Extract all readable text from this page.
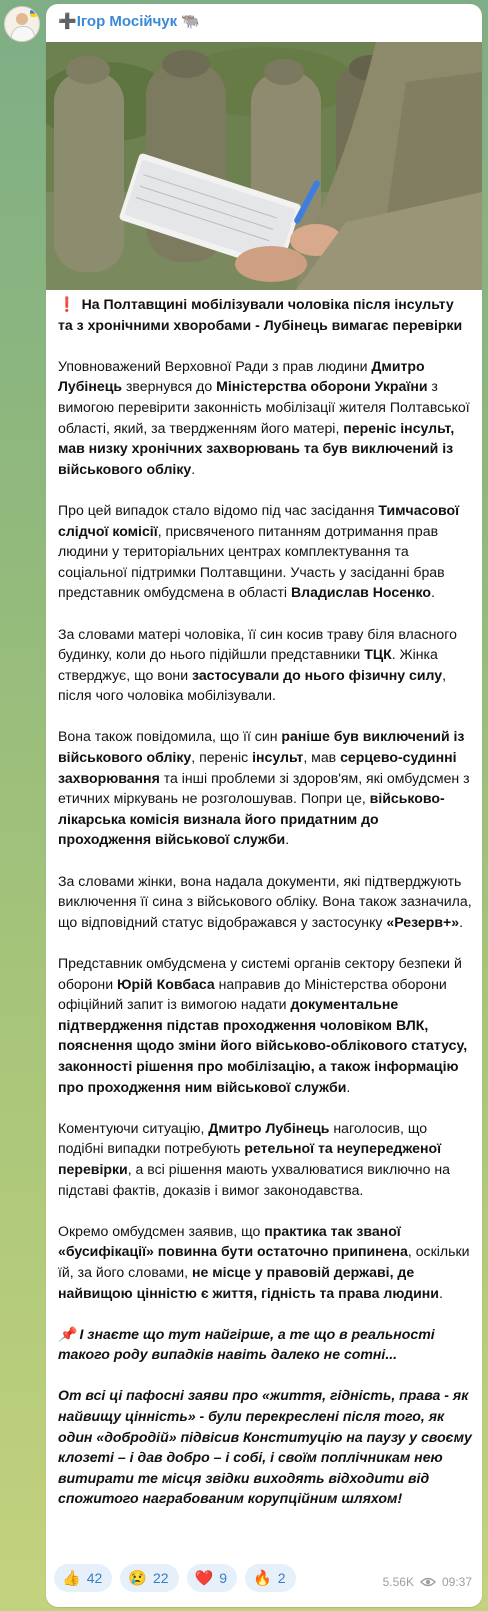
➕Ігор Мосійчук 🐃

❗ На Полтавщині мобілізували чоловіка після інсульту та з хронічними хворобами - Лубінець вимагає перевірки

Уповноважений Верховної Ради з прав людини Дмитро Лубінець звернувся до Міністерства оборони України з вимогою перевірити законність мобілізації жителя Полтавської області, який, за твердженням його матері, переніс інсульт, мав низку хронічних захворювань та був виключений із військового обліку.

Про цей випадок стало відомо під час засідання Тимчасової слідчої комісії, присвяченого питанням дотримання прав людини у територіальних центрах комплектування та соціальної підтримки Полтавщини. Участь у засіданні брав представник омбудсмена в області Владислав Носенко.

За словами матері чоловіка, її син косив траву біля власного будинку, коли до нього підійшли представники ТЦК. Жінка стверджує, що вони застосували до нього фізичну силу, після чого чоловіка мобілізували.

Вона також повідомила, що її син раніше був виключений із військового обліку, переніс інсульт, мав серцево-судинні захворювання та інші проблеми зі здоров'ям, які омбудсмен з етичних міркувань не розголошував. Попри це, військово-лікарська комісія визнала його придатним до проходження військової служби.

За словами жінки, вона надала документи, які підтверджують виключення її сина з військового обліку. Вона також зазначила, що відповідний статус відображався у застосунку «Резерв+».

Представник омбудсмена у системі органів сектору безпеки й оборони Юрій Ковбаса направив до Міністерства оборони офіційний запит із вимогою надати документальне підтвердження підстав проходження чоловіком ВЛК, пояснення щодо зміни його військово-облікового статусу, законності рішення про мобілізацію, а також інформацію про проходження ним військової служби.

Коментуючи ситуацію, Дмитро Лубінець наголосив, що подібні випадки потребують ретельної та неупередженої перевірки, а всі рішення мають ухвалюватися виключно на підставі фактів, доказів і вимог законодавства.

Окремо омбудсмен заявив, що практика так званої «бусифікації» повинна бути остаточно припинена, оскільки їй, за його словами, не місце у правовій державі, де найвищою цінністю є життя, гідність та права людини.

📌 І знаєте що тут найгірше, а те що в реальності такого роду випадків навіть далеко не сотні...

От всі ці пафосні заяви про «життя, гідність, права - як найвищу цінність» - були перекреслені після того, як один «добродій» підвісив Конституцію на паузу у своєму клозеті – і дав добро – і собі, і своїм поплічникам нею витирати те місця звідки виходять відходити від спожитого награбованим корупційним шляхом!

👍 42 😢 22 ❤️ 9 🔥 2	5.56K 09:37
